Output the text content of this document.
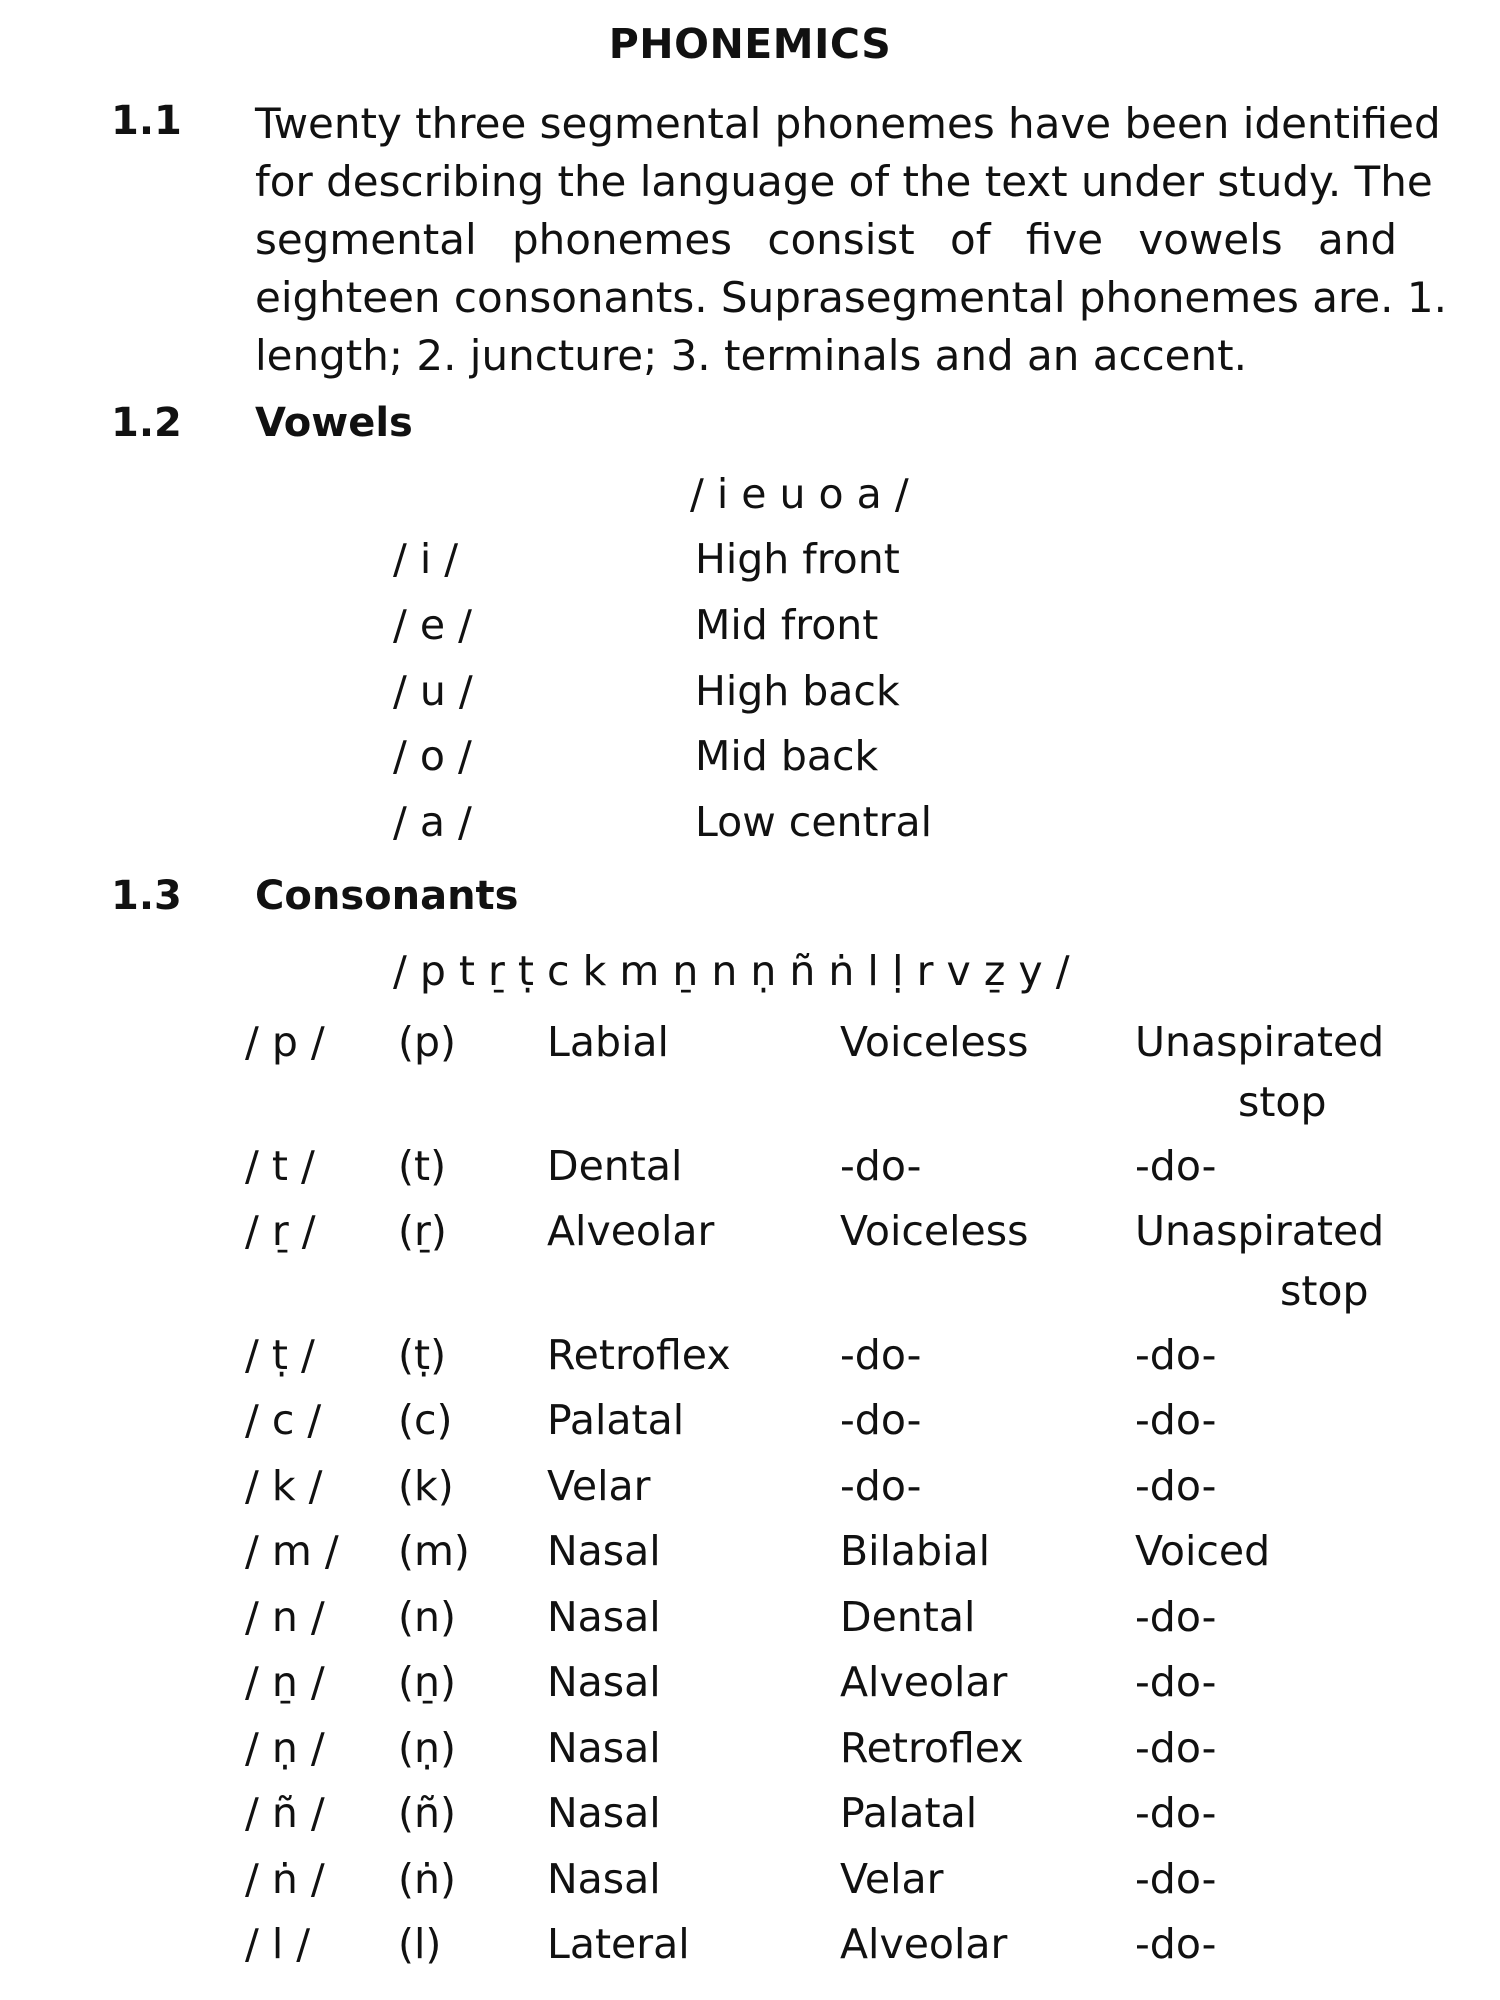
PHONEMICS
1.1 Twenty three segmental phonemes have been identified
for describing the language of the text under study. The
segmental phonemes consist of five vowels and
eighteen consonants. Suprasegmental phonemes are. 1.
length; 2. juncture; 3. terminals and an accent.
1.2 Vowels
/ i e u o a /
/ i /	High front
/ e /	Mid front
/ u /	High back
/ o /	Mid back
/ a /	Low central
1.3 Consonants
/ p t r̠ ṭ c k m n̠ n ṇ ñ ṅ l ḷ r v z̠ y /
/ p / (p) Labial	Voiceless	Unaspirated
stop
/ t / (t) Dental	-do-	-do-
/ r̠ / (r̠) Alveolar	Voiceless	Unaspirated
stop
/ ṭ / (ṭ) Retroflex	-do-	-do-
/ c / (c) Palatal	-do-	-do-
/ k / (k) Velar	-do-	-do-
/ m / (m) Nasal	Bilabial	Voiced
/ n / (n) Nasal	Dental	-do-
/ n̠ / (n̠) Nasal	Alveolar	-do-
/ ṇ / (ṇ) Nasal	Retroflex	-do-
/ ñ / (ñ) Nasal	Palatal	-do-
/ ṅ / (ṅ) Nasal	Velar	-do-
/ l / (l)	Lateral	Alveolar	-do-
